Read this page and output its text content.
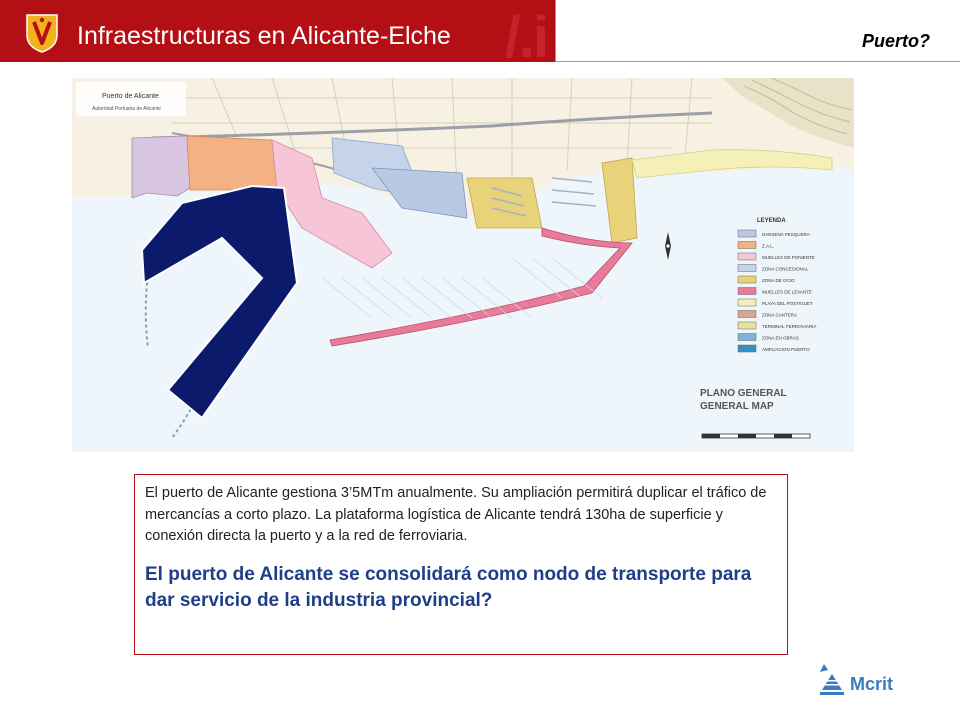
/.i
Infraestructuras en Alicante-Elche	Puerto?
Puerto de Alicante
Autoridad Portuaria de Alicante
LEYENDA
DARSENA PESQUERA
Z.A.L.
MUELLES DE PONIENTE
ZONA CONCESIONAL
ZONA DE OCIO
MUELLES DE LEVANTE
PLAYA DEL POSTIGUET
ZONA CANTERA
TERMINAL FERROVIARIA
ZONA EN OBRAS
AMPLIACION PUERTO
PLANO GENERAL
GENERAL MAP

El puerto de Alicante gestiona 3’5MTm anualmente. Su ampliación permitirá duplicar el tráfico de mercancías a corto plazo. La plataforma logística de Alicante tendrá 130ha de superficie y conexión directa la puerto y a la red de ferroviaria.

El puerto de Alicante se consolidará como nodo de transporte para dar servicio de la industria provincial?

Mcrit
